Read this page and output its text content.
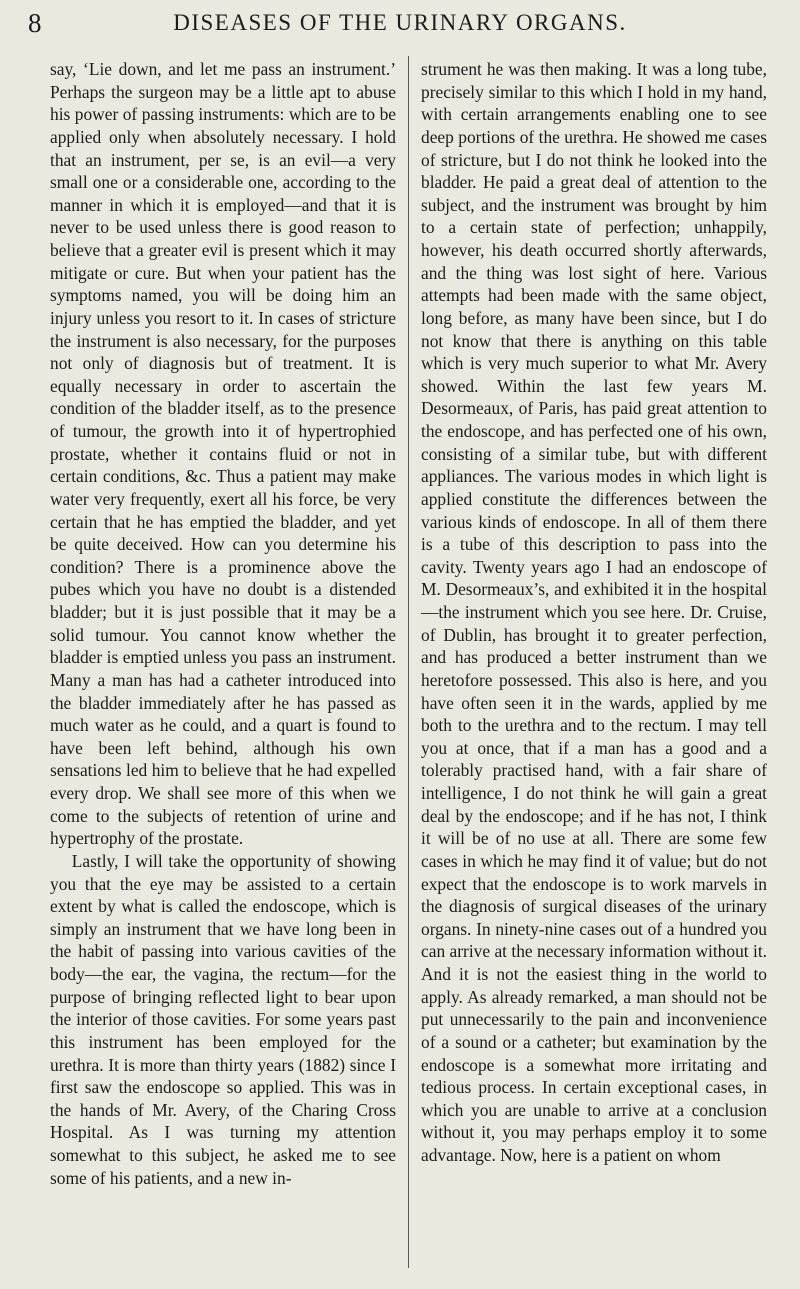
8	DISEASES OF THE URINARY ORGANS.

say, ‘Lie down, and let me pass an instrument.’ Perhaps the surgeon may be a little apt to abuse his power of passing instruments: which are to be applied only when absolutely necessary. I hold that an instrument, per se, is an evil—a very small one or a considerable one, according to the manner in which it is employed—and that it is never to be used unless there is good reason to believe that a greater evil is present which it may mitigate or cure. But when your patient has the symptoms named, you will be doing him an injury unless you resort to it. In cases of stricture the instrument is also necessary, for the purposes not only of diagnosis but of treatment. It is equally necessary in order to ascertain the condition of the bladder itself, as to the presence of tumour, the growth into it of hypertrophied prostate, whether it contains fluid or not in certain conditions, &c. Thus a patient may make water very frequently, exert all his force, be very certain that he has emptied the bladder, and yet be quite deceived. How can you determine his condition? There is a prominence above the pubes which you have no doubt is a distended bladder; but it is just possible that it may be a solid tumour. You cannot know whether the bladder is emptied unless you pass an instrument. Many a man has had a catheter introduced into the bladder immediately after he has passed as much water as he could, and a quart is found to have been left behind, although his own sensations led him to believe that he had expelled every drop. We shall see more of this when we come to the subjects of retention of urine and hypertrophy of the prostate.

Lastly, I will take the opportunity of showing you that the eye may be assisted to a certain extent by what is called the endoscope, which is simply an instrument that we have long been in the habit of passing into various cavities of the body—the ear, the vagina, the rectum—for the purpose of bringing reflected light to bear upon the interior of those cavities. For some years past this instrument has been employed for the urethra. It is more than thirty years (1882) since I first saw the endoscope so applied. This was in the hands of Mr. Avery, of the Charing Cross Hospital. As I was turning my attention somewhat to this subject, he asked me to see some of his patients, and a new in-

strument he was then making. It was a long tube, precisely similar to this which I hold in my hand, with certain arrangements enabling one to see deep portions of the urethra. He showed me cases of stricture, but I do not think he looked into the bladder. He paid a great deal of attention to the subject, and the instrument was brought by him to a certain state of perfection; unhappily, however, his death occurred shortly afterwards, and the thing was lost sight of here. Various attempts had been made with the same object, long before, as many have been since, but I do not know that there is anything on this table which is very much superior to what Mr. Avery showed. Within the last few years M. Desormeaux, of Paris, has paid great attention to the endoscope, and has perfected one of his own, consisting of a similar tube, but with different appliances. The various modes in which light is applied constitute the differences between the various kinds of endoscope. In all of them there is a tube of this description to pass into the cavity. Twenty years ago I had an endoscope of M. Desormeaux’s, and exhibited it in the hospital—the instrument which you see here. Dr. Cruise, of Dublin, has brought it to greater perfection, and has produced a better instrument than we heretofore possessed. This also is here, and you have often seen it in the wards, applied by me both to the urethra and to the rectum. I may tell you at once, that if a man has a good and a tolerably practised hand, with a fair share of intelligence, I do not think he will gain a great deal by the endoscope; and if he has not, I think it will be of no use at all. There are some few cases in which he may find it of value; but do not expect that the endoscope is to work marvels in the diagnosis of surgical diseases of the urinary organs. In ninety-nine cases out of a hundred you can arrive at the necessary information without it. And it is not the easiest thing in the world to apply. As already remarked, a man should not be put unnecessarily to the pain and inconvenience of a sound or a catheter; but examination by the endoscope is a somewhat more irritating and tedious process. In certain exceptional cases, in which you are unable to arrive at a conclusion without it, you may perhaps employ it to some advantage. Now, here is a patient on whom
